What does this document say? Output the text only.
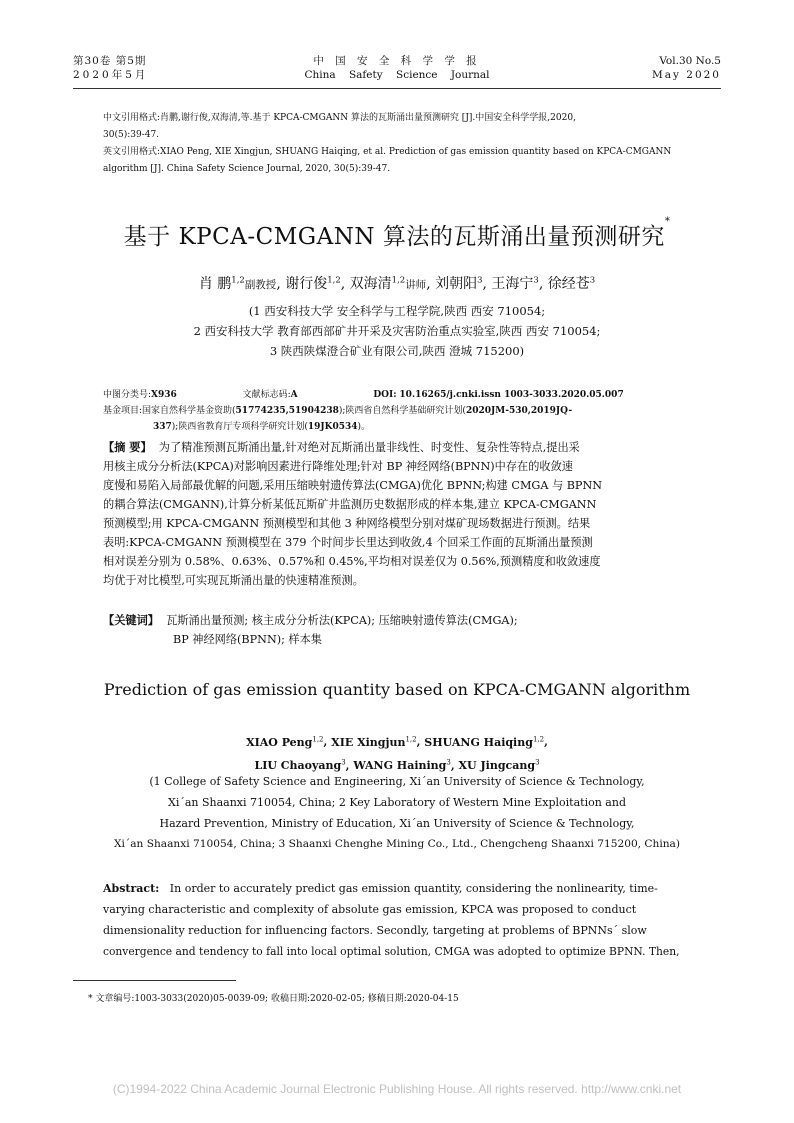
第30卷 第5期
2020年5月
中 国 安 全 科 学 学 报
China Safety Science Journal
Vol.30 No.5
May 2020
中文引用格式:肖鹏,谢行俊,双海清,等.基于 KPCA-CMGANN 算法的瓦斯涌出量预测研究 [J].中国安全科学学报,2020,
30(5):39-47.
英文引用格式:XIAO Peng, XIE Xingjun, SHUANG Haiqing, et al. Prediction of gas emission quantity based on KPCA-CMGANN
algorithm [J]. China Safety Science Journal, 2020, 30(5):39-47.
基于 KPCA-CMGANN 算法的瓦斯涌出量预测研究*
肖 鹏$^{1,2}$副教授, 谢行俊$^{1,2}$, 双海清$^{1,2}$讲师, 刘朝阳$^3$, 王海宁$^3$, 徐经苍$^3$
(1 西安科技大学 安全科学与工程学院,陕西 西安 710054;
2 西安科技大学 教育部西部矿井开采及灾害防治重点实验室,陕西 西安 710054;
3 陕西陕煤澄合矿业有限公司,陕西 澄城 715200)
中图分类号:X936	文献标志码:A	DOI: 10.16265/j.cnki.issn 1003-3033.2020.05.007
基金项目:国家自然科学基金资助(51774235,51904238);陕西省自然科学基础研究计划(2020JM-530,2019JQ-
337);陕西省教育厅专项科学研究计划(19JK0534)。
【摘 要】 为了精准预测瓦斯涌出量,针对绝对瓦斯涌出量非线性、时变性、复杂性等特点,提出采
用核主成分分析法(KPCA)对影响因素进行降维处理;针对 BP 神经网络(BPNN)中存在的收敛速
度慢和易陷入局部最优解的问题,采用压缩映射遗传算法(CMGA)优化 BPNN;构建 CMGA 与 BPNN
的耦合算法(CMGANN),计算分析某低瓦斯矿井监测历史数据形成的样本集,建立 KPCA-CMGANN
预测模型;用 KPCA-CMGANN 预测模型和其他 3 种网络模型分别对煤矿现场数据进行预测。结果
表明:KPCA-CMGANN 预测模型在 379 个时间步长里达到收敛,4 个回采工作面的瓦斯涌出量预测
相对误差分别为 0.58%、0.63%、0.57%和 0.45%,平均相对误差仅为 0.56%,预测精度和收敛速度
均优于对比模型,可实现瓦斯涌出量的快速精准预测。
【关键词】 瓦斯涌出量预测; 核主成分分析法(KPCA); 压缩映射遗传算法(CMGA);
BP 神经网络(BPNN); 样本集
Prediction of gas emission quantity based on KPCA-CMGANN algorithm
XIAO Peng$^{1,2}$, XIE Xingjun$^{1,2}$, SHUANG Haiqing$^{1,2}$,
LIU Chaoyang$^3$, WANG Haining$^3$, XU Jingcang$^3$
(1 College of Safety Science and Engineering, Xi´an University of Science & Technology,
Xi´an Shaanxi 710054, China; 2 Key Laboratory of Western Mine Exploitation and
Hazard Prevention, Ministry of Education, Xi´an University of Science & Technology,
Xi´an Shaanxi 710054, China; 3 Shaanxi Chenghe Mining Co., Ltd., Chengcheng Shaanxi 715200, China)
Abstract: In order to accurately predict gas emission quantity, considering the nonlinearity, time-
varying characteristic and complexity of absolute gas emission, KPCA was proposed to conduct
dimensionality reduction for influencing factors. Secondly, targeting at problems of BPNNs´ slow
convergence and tendency to fall into local optimal solution, CMGA was adopted to optimize BPNN. Then,
* 文章编号:1003-3033(2020)05-0039-09; 收稿日期:2020-02-05; 修稿日期:2020-04-15
(C)1994-2022 China Academic Journal Electronic Publishing House. All rights reserved. http://www.cnki.net
